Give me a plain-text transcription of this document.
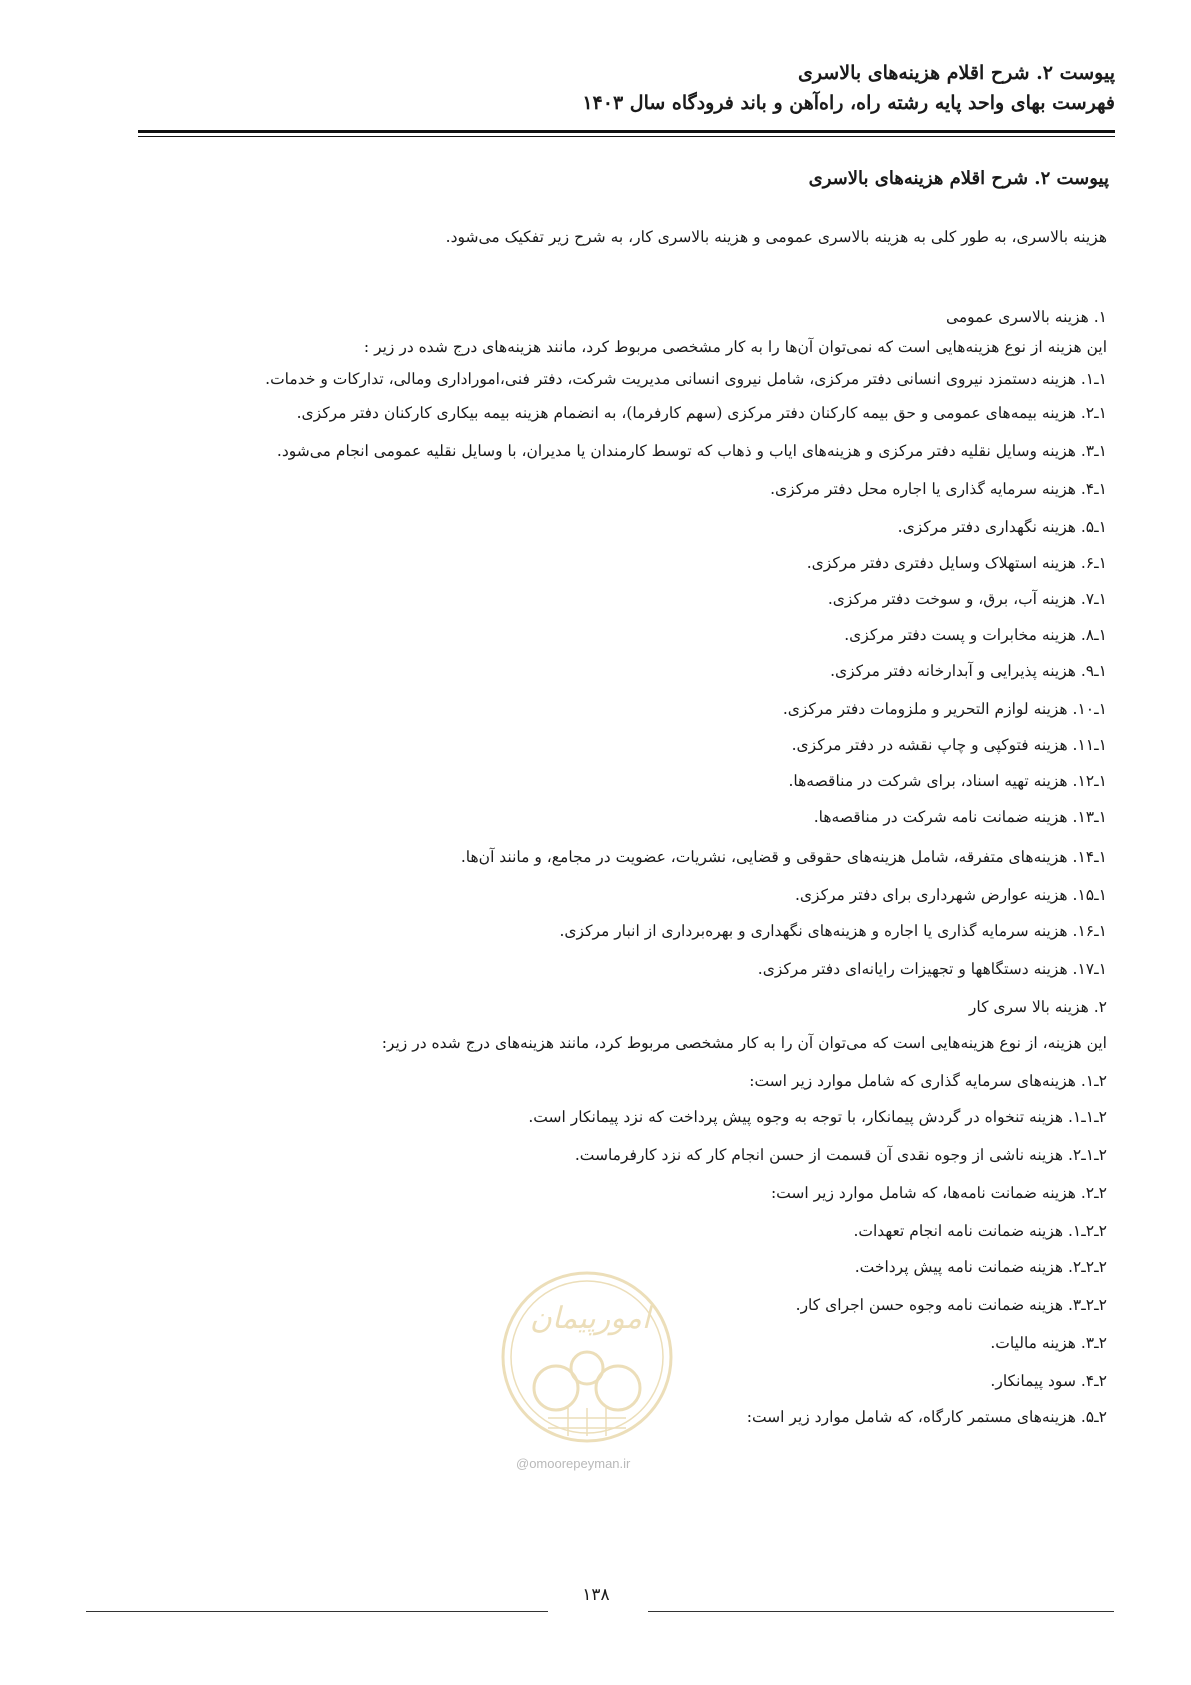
پیوست ۲. شرح اقلام هزینه‌های بالاسری
فهرست بهای واحد پایه رشته راه، راه‌آهن و باند فرودگاه سال ۱۴۰۳
پیوست ۲. شرح اقلام هزینه‌های بالاسری
هزینه بالاسری، به طور کلی به هزینه بالاسری عمومی و هزینه بالاسری کار، به شرح زیر تفکیک می‌شود.
۱. هزینه بالاسری عمومی
این هزینه از نوع هزینه‌هایی است که نمی‌توان آن‌ها را به کار مشخصی مربوط کرد، مانند هزینه‌های درج شده در زیر :
۱ـ۱. هزینه دستمزد نیروی انسانی دفتر مرکزی، شامل نیروی انسانی مدیریت شرکت، دفتر فنی،اموراداری ومالی، تدارکات و خدمات.
۱ـ۲. هزینه بیمه‌های عمومی و حق بیمه کارکنان دفتر مرکزی (سهم کارفرما)، به انضمام هزینه بیمه بیکاری کارکنان دفتر مرکزی.
۱ـ۳. هزینه وسایل نقلیه دفتر مرکزی و هزینه‌های ایاب و ذهاب که توسط کارمندان یا مدیران، با وسایل نقلیه عمومی انجام می‌شود.
۱ـ۴. هزینه سرمایه گذاری یا اجاره محل دفتر مرکزی.
۱ـ۵. هزینه نگهداری دفتر مرکزی.
۱ـ۶. هزینه استهلاک وسایل دفتری دفتر مرکزی.
۱ـ۷. هزینه آب، برق، و سوخت دفتر مرکزی.
۱ـ۸. هزینه مخابرات و پست دفتر مرکزی.
۱ـ۹. هزینه پذیرایی و آبدارخانه دفتر مرکزی.
۱ـ۱۰. هزینه لوازم التحریر و ملزومات دفتر مرکزی.
۱ـ۱۱. هزینه فتوکپی و چاپ نقشه در دفتر مرکزی.
۱ـ۱۲. هزینه تهیه اسناد، برای شرکت در مناقصه‌ها.
۱ـ۱۳. هزینه ضمانت نامه شرکت در مناقصه‌ها.
۱ـ۱۴. هزینه‌های متفرقه، شامل هزینه‌های حقوقی و قضایی، نشریات، عضویت در مجامع، و مانند آن‌ها.
۱ـ۱۵. هزینه عوارض شهرداری برای دفتر مرکزی.
۱ـ۱۶. هزینه سرمایه گذاری یا اجاره و هزینه‌های نگهداری و بهره‌برداری از انبار مرکزی.
۱ـ۱۷. هزینه دستگاهها و تجهیزات رایانه‌ای دفتر مرکزی.
۲. هزینه بالا سری کار
این هزینه، از نوع هزینه‌هایی است که می‌توان آن را به کار مشخصی مربوط کرد، مانند هزینه‌های درج شده در زیر:
۲ـ۱. هزینه‌های سرمایه گذاری که شامل موارد زیر است:
۲ـ۱ـ۱. هزینه تنخواه در گردش پیمانکار، با توجه به وجوه پیش پرداخت که نزد پیمانکار است.
۲ـ۱ـ۲. هزینه ناشی از وجوه نقدی آن قسمت از حسن انجام کار که نزد کارفرماست.
۲ـ۲. هزینه ضمانت نامه‌ها، که شامل موارد زیر است:
۲ـ۲ـ۱. هزینه ضمانت نامه انجام تعهدات.
۲ـ۲ـ۲. هزینه ضمانت نامه پیش پرداخت.
۲ـ۲ـ۳. هزینه ضمانت نامه وجوه حسن اجرای کار.
۲ـ۳. هزینه مالیات.
۲ـ۴. سود پیمانکار.
۲ـ۵. هزینه‌های مستمر کارگاه، که شامل موارد زیر است:
امورپیمان
@omoorepeyman.ir
۱۳۸
